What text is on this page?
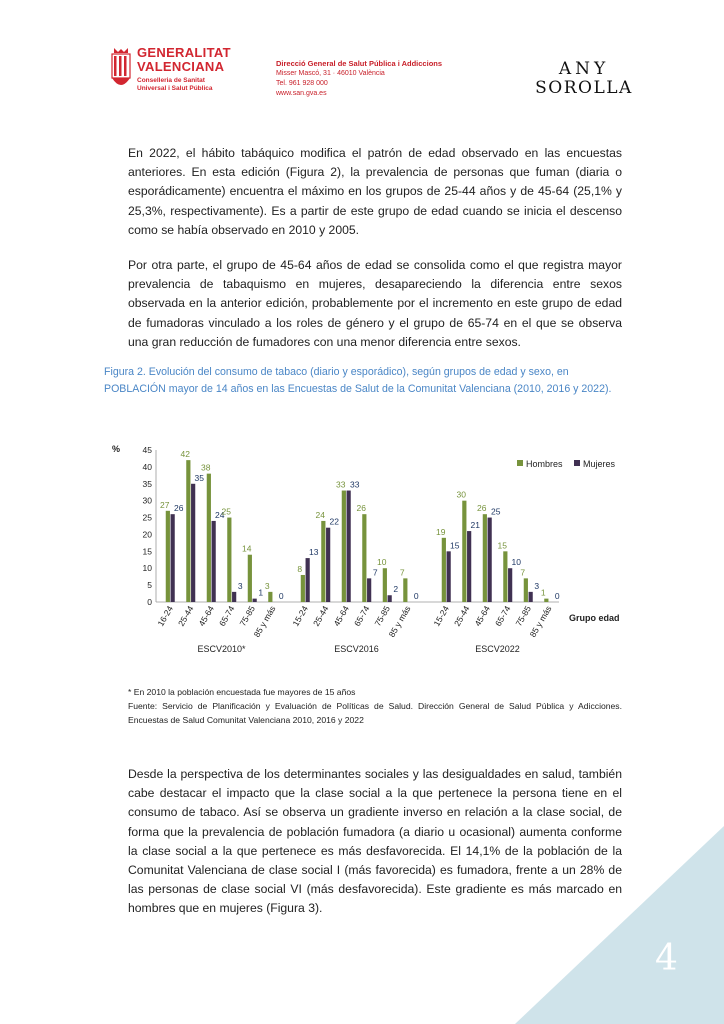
GENERALITAT
VALENCIANA
Conselleria de Sanitat
Universal i Salut Pública
Direcció General de Salut Pública i Addiccions
Misser Mascó, 31 · 46010 València
Tel. 961 928 000
www.san.gva.es
ANY
SOROLLA

En 2022, el hábito tabáquico modifica el patrón de edad observado en las encuestas anteriores. En esta edición (Figura 2), la prevalencia de personas que fuman (diaria o esporádicamente) encuentra el máximo en los grupos de 25-44 años y de 45-64 (25,1% y 25,3%, respectivamente). Es a partir de este grupo de edad cuando se inicia el descenso como se había observado en 2010 y 2005.

Por otra parte, el grupo de 45-64 años de edad se consolida como el que registra mayor prevalencia de tabaquismo en mujeres, desapareciendo la diferencia entre sexos observada en la anterior edición, probablemente por el incremento en este grupo de edad de fumadoras vinculado a los roles de género y el grupo de 65-74 en el que se observa una gran reducción de fumadores con una menor diferencia entre sexos.

Figura 2. Evolución del consumo de tabaco (diario y esporádico), según grupos de edad y sexo, en POBLACIÓN mayor de 14 años en las Encuestas de Salut de la Comunitat Valenciana (2010, 2016 y 2022).

%
0
5
10
15
20
25
30
35
40
45
27 26
16-24
42
35
25-44
38
24
45-64
25
3
65-74
14
1
75-85
3
0
85 y más
ESCV2010*
8
13
15-24
24
22
25-44
33 33
45-64
26
7
65-74
10
2
75-85
7
0
85 y más
ESCV2016
19
15
15-24
30
21
25-44
26 25
45-64
15
10
65-74
7
3
75-85
1 0
85 y más
ESCV2022
Grupo edad
Hombres Mujeres

* En 2010 la población encuestada fue mayores de 15 años

Fuente: Servicio de Planificación y Evaluación de Políticas de Salud. Dirección General de Salud Pública y Adicciones. Encuestas de Salud Comunitat Valenciana 2010, 2016 y 2022

Desde la perspectiva de los determinantes sociales y las desigualdades en salud, también cabe destacar el impacto que la clase social a la que pertenece la persona tiene en el consumo de tabaco. Así se observa un gradiente inverso en relación a la clase social, de forma que la prevalencia de población fumadora (a diario u ocasional) aumenta conforme la clase social a la que pertenece es más desfavorecida. El 14,1% de la población de la Comunitat Valenciana de clase social I (más favorecida) es fumadora, frente a un 28% de las personas de clase social VI (más desfavorecida). Este gradiente es más marcado en hombres que en mujeres (Figura 3).

4
